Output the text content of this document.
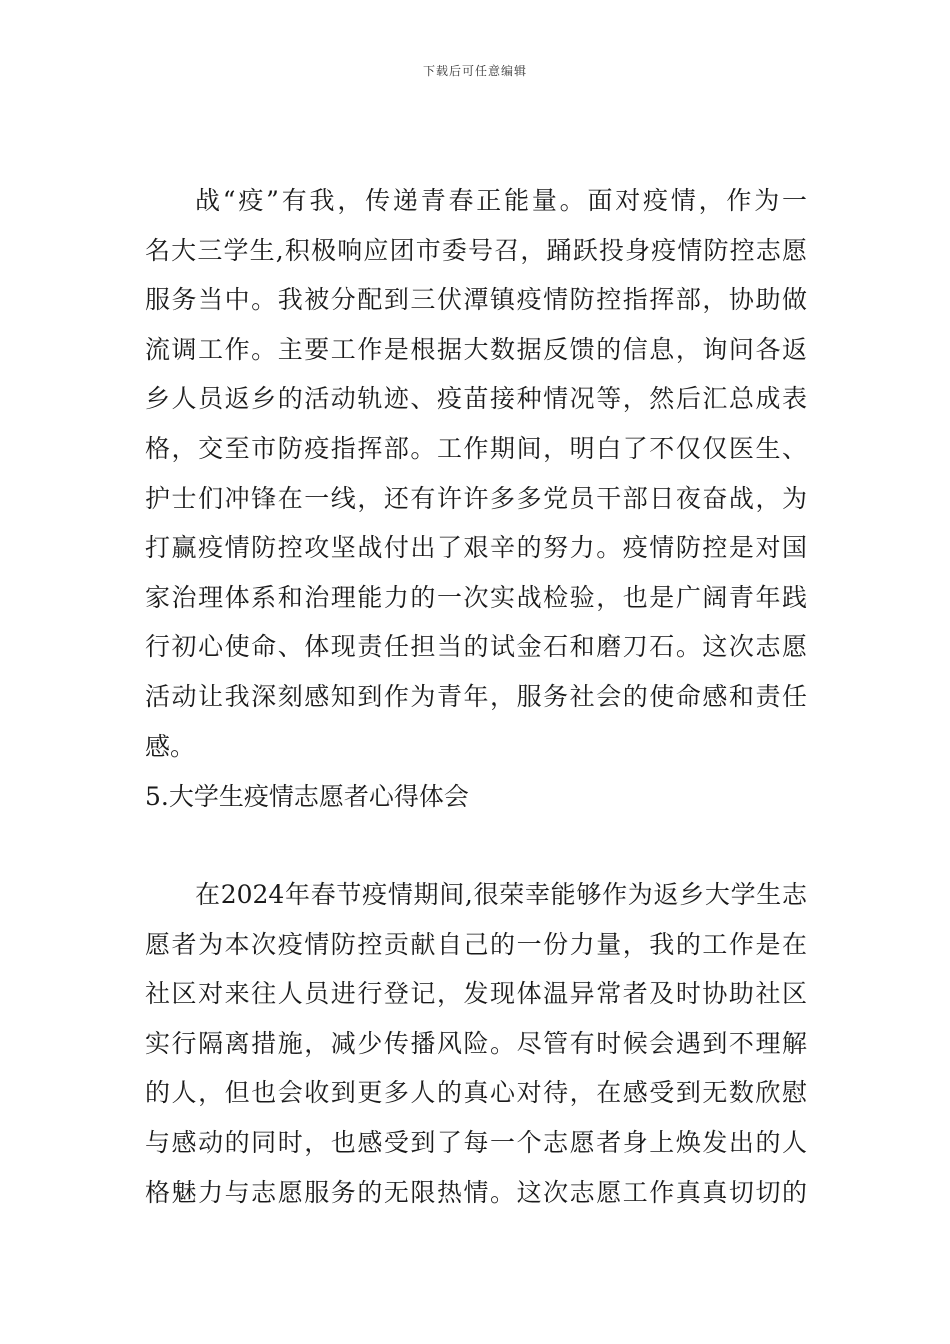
下载后可任意编辑
战“疫”有我，传递青春正能量。面对疫情，作为一
名大三学生,积极响应团市委号召，踊跃投身疫情防控志愿
服务当中。我被分配到三伏潭镇疫情防控指挥部，协助做
流调工作。主要工作是根据大数据反馈的信息，询问各返
乡人员返乡的活动轨迹、疫苗接种情况等，然后汇总成表
格，交至市防疫指挥部。工作期间，明白了不仅仅医生、
护士们冲锋在一线，还有许许多多党员干部日夜奋战，为
打赢疫情防控攻坚战付出了艰辛的努力。疫情防控是对国
家治理体系和治理能力的一次实战检验，也是广阔青年践
行初心使命、体现责任担当的试金石和磨刀石。这次志愿
活动让我深刻感知到作为青年，服务社会的使命感和责任
感。
5.大学生疫情志愿者心得体会
在2024年春节疫情期间,很荣幸能够作为返乡大学生志
愿者为本次疫情防控贡献自己的一份力量，我的工作是在
社区对来往人员进行登记，发现体温异常者及时协助社区
实行隔离措施，减少传播风险。尽管有时候会遇到不理解
的人，但也会收到更多人的真心对待，在感受到无数欣慰
与感动的同时，也感受到了每一个志愿者身上焕发出的人
格魅力与志愿服务的无限热情。这次志愿工作真真切切的
